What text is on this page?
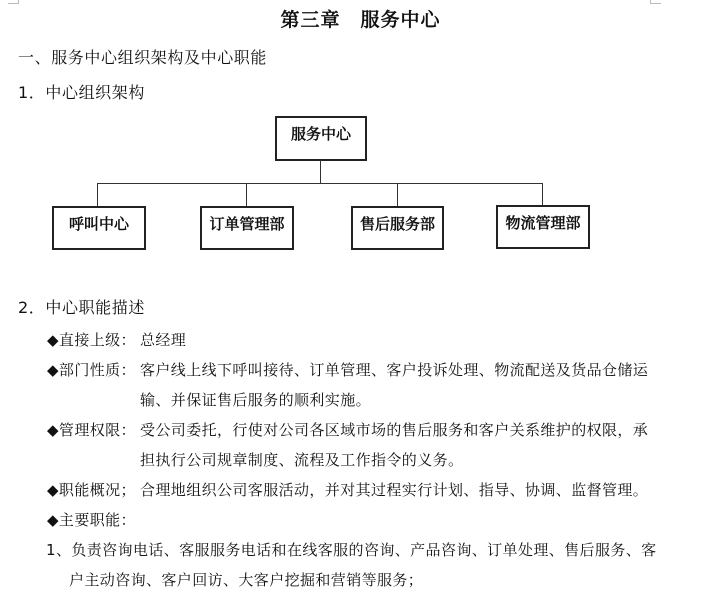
第三章　服务中心
一、服务中心组织架构及中心职能
1．中心组织架构
服务中心
呼叫中心	订单管理部	售后服务部	物流管理部
2．中心职能描述
◆直接上级： 总经理
◆部门性质： 客户线上线下呼叫接待、订单管理、客户投诉处理、物流配送及货品仓储运
输、并保证售后服务的顺利实施。
◆管理权限： 受公司委托，行使对公司各区域市场的售后服务和客户关系维护的权限，承
担执行公司规章制度、流程及工作指令的义务。
◆职能概况； 合理地组织公司客服活动，并对其过程实行计划、指导、协调、监督管理。
◆主要职能：
1、负责咨询电话、客服服务电话和在线客服的咨询、产品咨询、订单处理、售后服务、客
户主动咨询、客户回访、大客户挖掘和营销等服务；
